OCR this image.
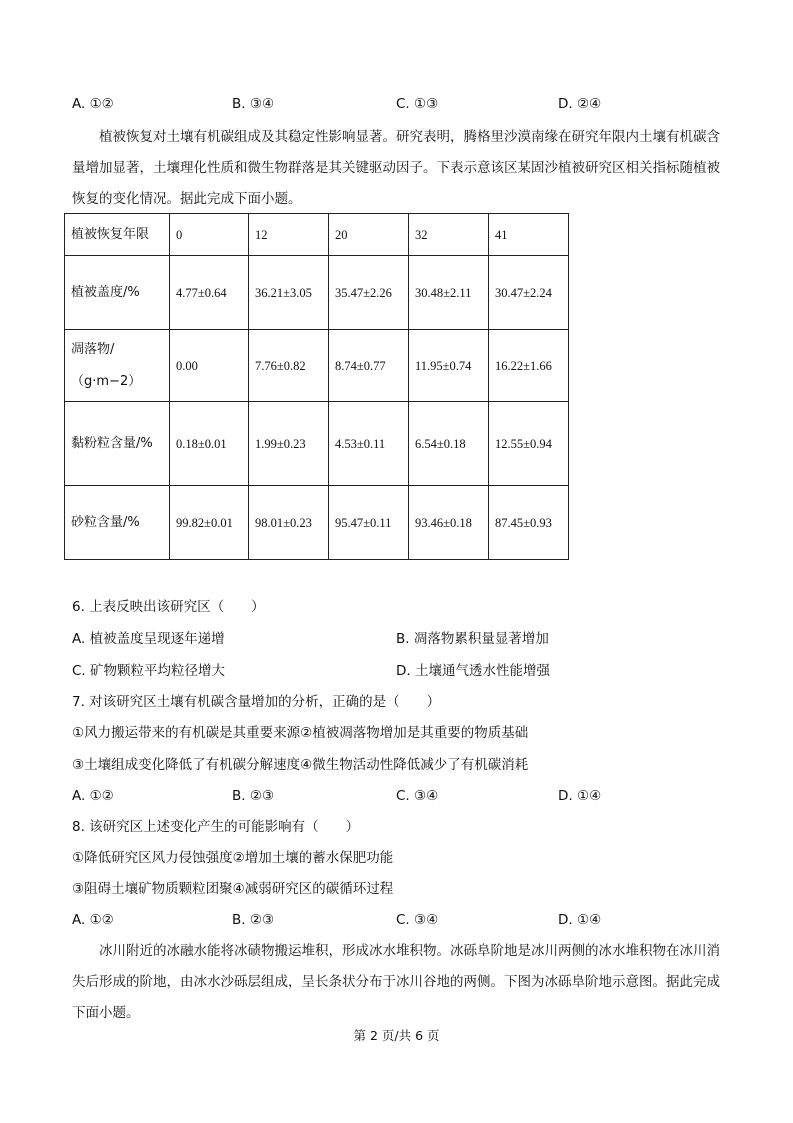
A. ①②	B. ③④	C. ①③	D. ②④

植被恢复对土壤有机碳组成及其稳定性影响显著。研究表明，腾格里沙漠南缘在研究年限内土壤有机碳含量增加显著，土壤理化性质和微生物群落是其关键驱动因子。下表示意该区某固沙植被研究区相关指标随植被恢复的变化情况。据此完成下面小题。

植被恢复年限	0	12	20	32	41
植被盖度/%	4.77±0.64	36.21±3.05	35.47±2.26	30.48±2.11	30.47±2.24
凋落物/（g·m−2）	0.00	7.76±0.82	8.74±0.77	11.95±0.74	16.22±1.66
黏粉粒含量/%	0.18±0.01	1.99±0.23	4.53±0.11	6.54±0.18	12.55±0.94
砂粒含量/%	99.82±0.01	98.01±0.23	95.47±0.11	93.46±0.18	87.45±0.93
6. 上表反映出该研究区（　　）
A. 植被盖度呈现逐年递增	B. 凋落物累积量显著增加
C. 矿物颗粒平均粒径增大	D. 土壤通气透水性能增强
7. 对该研究区土壤有机碳含量增加的分析，正确的是（　　）
①风力搬运带来的有机碳是其重要来源②植被凋落物增加是其重要的物质基础
③土壤组成变化降低了有机碳分解速度④微生物活动性降低减少了有机碳消耗
A. ①②	B. ②③	C. ③④	D. ①④
8. 该研究区上述变化产生的可能影响有（　　）
①降低研究区风力侵蚀强度②增加土壤的蓄水保肥功能
③阻碍土壤矿物质颗粒团聚④减弱研究区的碳循环过程
A. ①②	B. ②③	C. ③④	D. ①④

冰川附近的冰融水能将冰碛物搬运堆积，形成冰水堆积物。冰砾阜阶地是冰川两侧的冰水堆积物在冰川消失后形成的阶地，由冰水沙砾层组成，呈长条状分布于冰川谷地的两侧。下图为冰砾阜阶地示意图。据此完成下面小题。

第 2 页/共 6 页
